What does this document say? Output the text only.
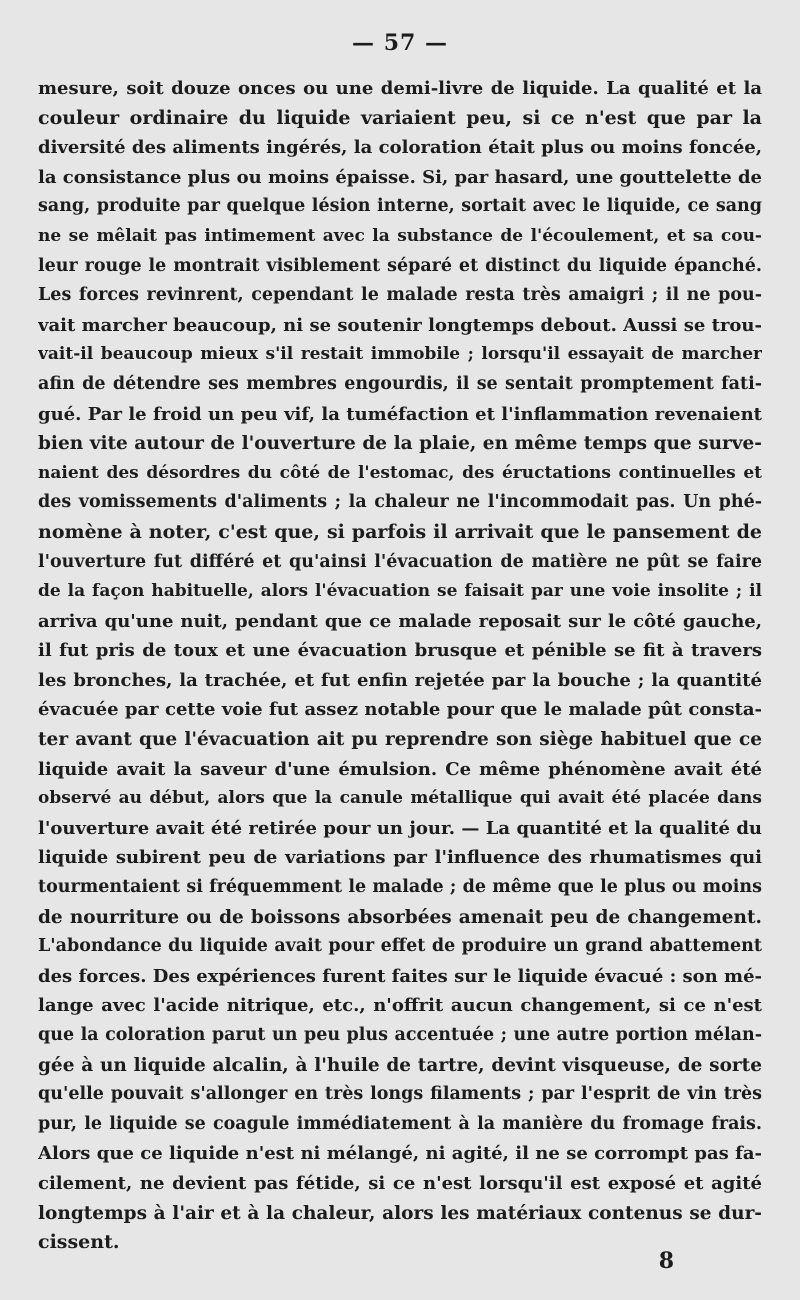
— 57 —
mesure, soit douze onces ou une demi-livre de liquide. La qualité et la
couleur ordinaire du liquide variaient peu, si ce n'est que par la
diversité des aliments ingérés, la coloration était plus ou moins foncée,
la consistance plus ou moins épaisse. Si, par hasard, une gouttelette de
sang, produite par quelque lésion interne, sortait avec le liquide, ce sang
ne se mêlait pas intimement avec la substance de l'écoulement, et sa cou-
leur rouge le montrait visiblement séparé et distinct du liquide épanché.
Les forces revinrent, cependant le malade resta très amaigri ; il ne pou-
vait marcher beaucoup, ni se soutenir longtemps debout. Aussi se trou-
vait-il beaucoup mieux s'il restait immobile ; lorsqu'il essayait de marcher
afin de détendre ses membres engourdis, il se sentait promptement fati-
gué. Par le froid un peu vif, la tuméfaction et l'inflammation revenaient
bien vite autour de l'ouverture de la plaie, en même temps que surve-
naient des désordres du côté de l'estomac, des éructations continuelles et
des vomissements d'aliments ; la chaleur ne l'incommodait pas. Un phé-
nomène à noter, c'est que, si parfois il arrivait que le pansement de
l'ouverture fut différé et qu'ainsi l'évacuation de matière ne pût se faire
de la façon habituelle, alors l'évacuation se faisait par une voie insolite ; il
arriva qu'une nuit, pendant que ce malade reposait sur le côté gauche,
il fut pris de toux et une évacuation brusque et pénible se fit à travers
les bronches, la trachée, et fut enfin rejetée par la bouche ; la quantité
évacuée par cette voie fut assez notable pour que le malade pût consta-
ter avant que l'évacuation ait pu reprendre son siège habituel que ce
liquide avait la saveur d'une émulsion. Ce même phénomène avait été
observé au début, alors que la canule métallique qui avait été placée dans
l'ouverture avait été retirée pour un jour. — La quantité et la qualité du
liquide subirent peu de variations par l'influence des rhumatismes qui
tourmentaient si fréquemment le malade ; de même que le plus ou moins
de nourriture ou de boissons absorbées amenait peu de changement.
L'abondance du liquide avait pour effet de produire un grand abattement
des forces. Des expériences furent faites sur le liquide évacué : son mé-
lange avec l'acide nitrique, etc., n'offrit aucun changement, si ce n'est
que la coloration parut un peu plus accentuée ; une autre portion mélan-
gée à un liquide alcalin, à l'huile de tartre, devint visqueuse, de sorte
qu'elle pouvait s'allonger en très longs filaments ; par l'esprit de vin très
pur, le liquide se coagule immédiatement à la manière du fromage frais.
Alors que ce liquide n'est ni mélangé, ni agité, il ne se corrompt pas fa-
cilement, ne devient pas fétide, si ce n'est lorsqu'il est exposé et agité
longtemps à l'air et à la chaleur, alors les matériaux contenus se dur-
cissent.
8
